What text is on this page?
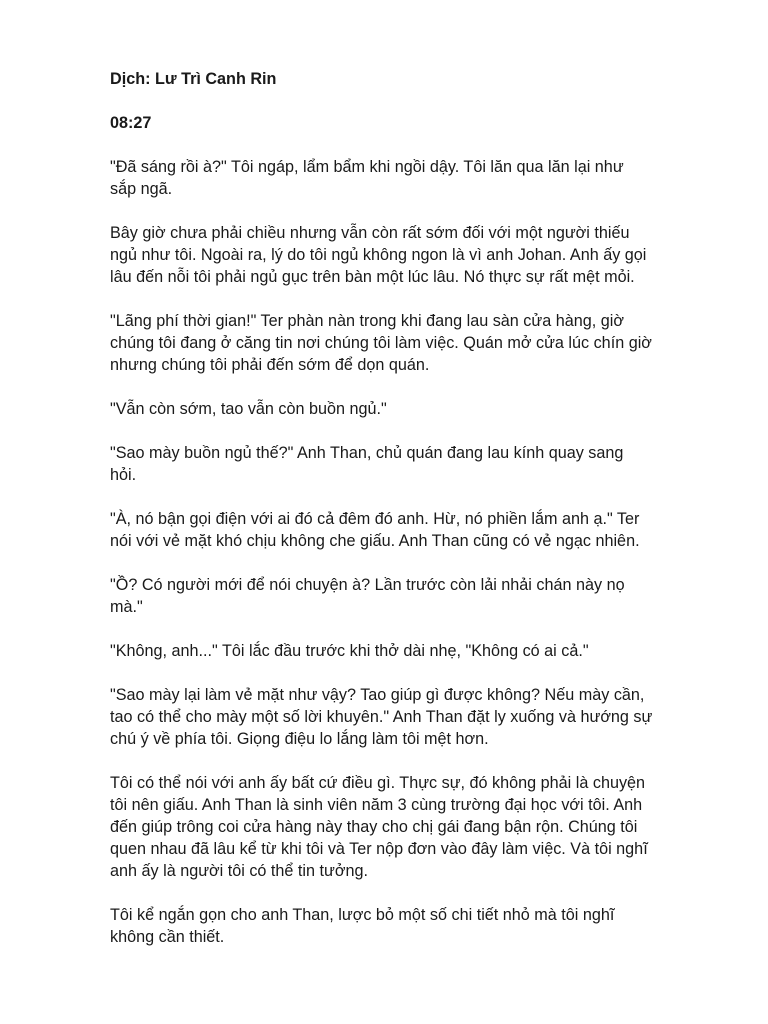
Dịch: Lư Trì Canh Rin
08:27
"Đã sáng rồi à?" Tôi ngáp, lẩm bẩm khi ngồi dậy. Tôi lăn qua lăn lại như
sắp ngã.
Bây giờ chưa phải chiều nhưng vẫn còn rất sớm đối với một người thiếu
ngủ như tôi. Ngoài ra, lý do tôi ngủ không ngon là vì anh Johan. Anh ấy gọi
lâu đến nỗi tôi phải ngủ gục trên bàn một lúc lâu. Nó thực sự rất mệt mỏi.
"Lãng phí thời gian!" Ter phàn nàn trong khi đang lau sàn cửa hàng, giờ
chúng tôi đang ở căng tin nơi chúng tôi làm việc. Quán mở cửa lúc chín giờ
nhưng chúng tôi phải đến sớm để dọn quán.
"Vẫn còn sớm, tao vẫn còn buồn ngủ."
"Sao mày buồn ngủ thế?" Anh Than, chủ quán đang lau kính quay sang
hỏi.
"À, nó bận gọi điện với ai đó cả đêm đó anh. Hừ, nó phiền lắm anh ạ." Ter
nói với vẻ mặt khó chịu không che giấu. Anh Than cũng có vẻ ngạc nhiên.
"Ồ? Có người mới để nói chuyện à? Lần trước còn lải nhải chán này nọ
mà."
"Không, anh..." Tôi lắc đầu trước khi thở dài nhẹ, "Không có ai cả."
"Sao mày lại làm vẻ mặt như vậy? Tao giúp gì được không? Nếu mày cần,
tao có thể cho mày một số lời khuyên." Anh Than đặt ly xuống và hướng sự
chú ý về phía tôi. Giọng điệu lo lắng làm tôi mệt hơn.
Tôi có thể nói với anh ấy bất cứ điều gì. Thực sự, đó không phải là chuyện
tôi nên giấu. Anh Than là sinh viên năm 3 cùng trường đại học với tôi. Anh
đến giúp trông coi cửa hàng này thay cho chị gái đang bận rộn. Chúng tôi
quen nhau đã lâu kể từ khi tôi và Ter nộp đơn vào đây làm việc. Và tôi nghĩ
anh ấy là người tôi có thể tin tưởng.
Tôi kể ngắn gọn cho anh Than, lược bỏ một số chi tiết nhỏ mà tôi nghĩ
không cần thiết.
